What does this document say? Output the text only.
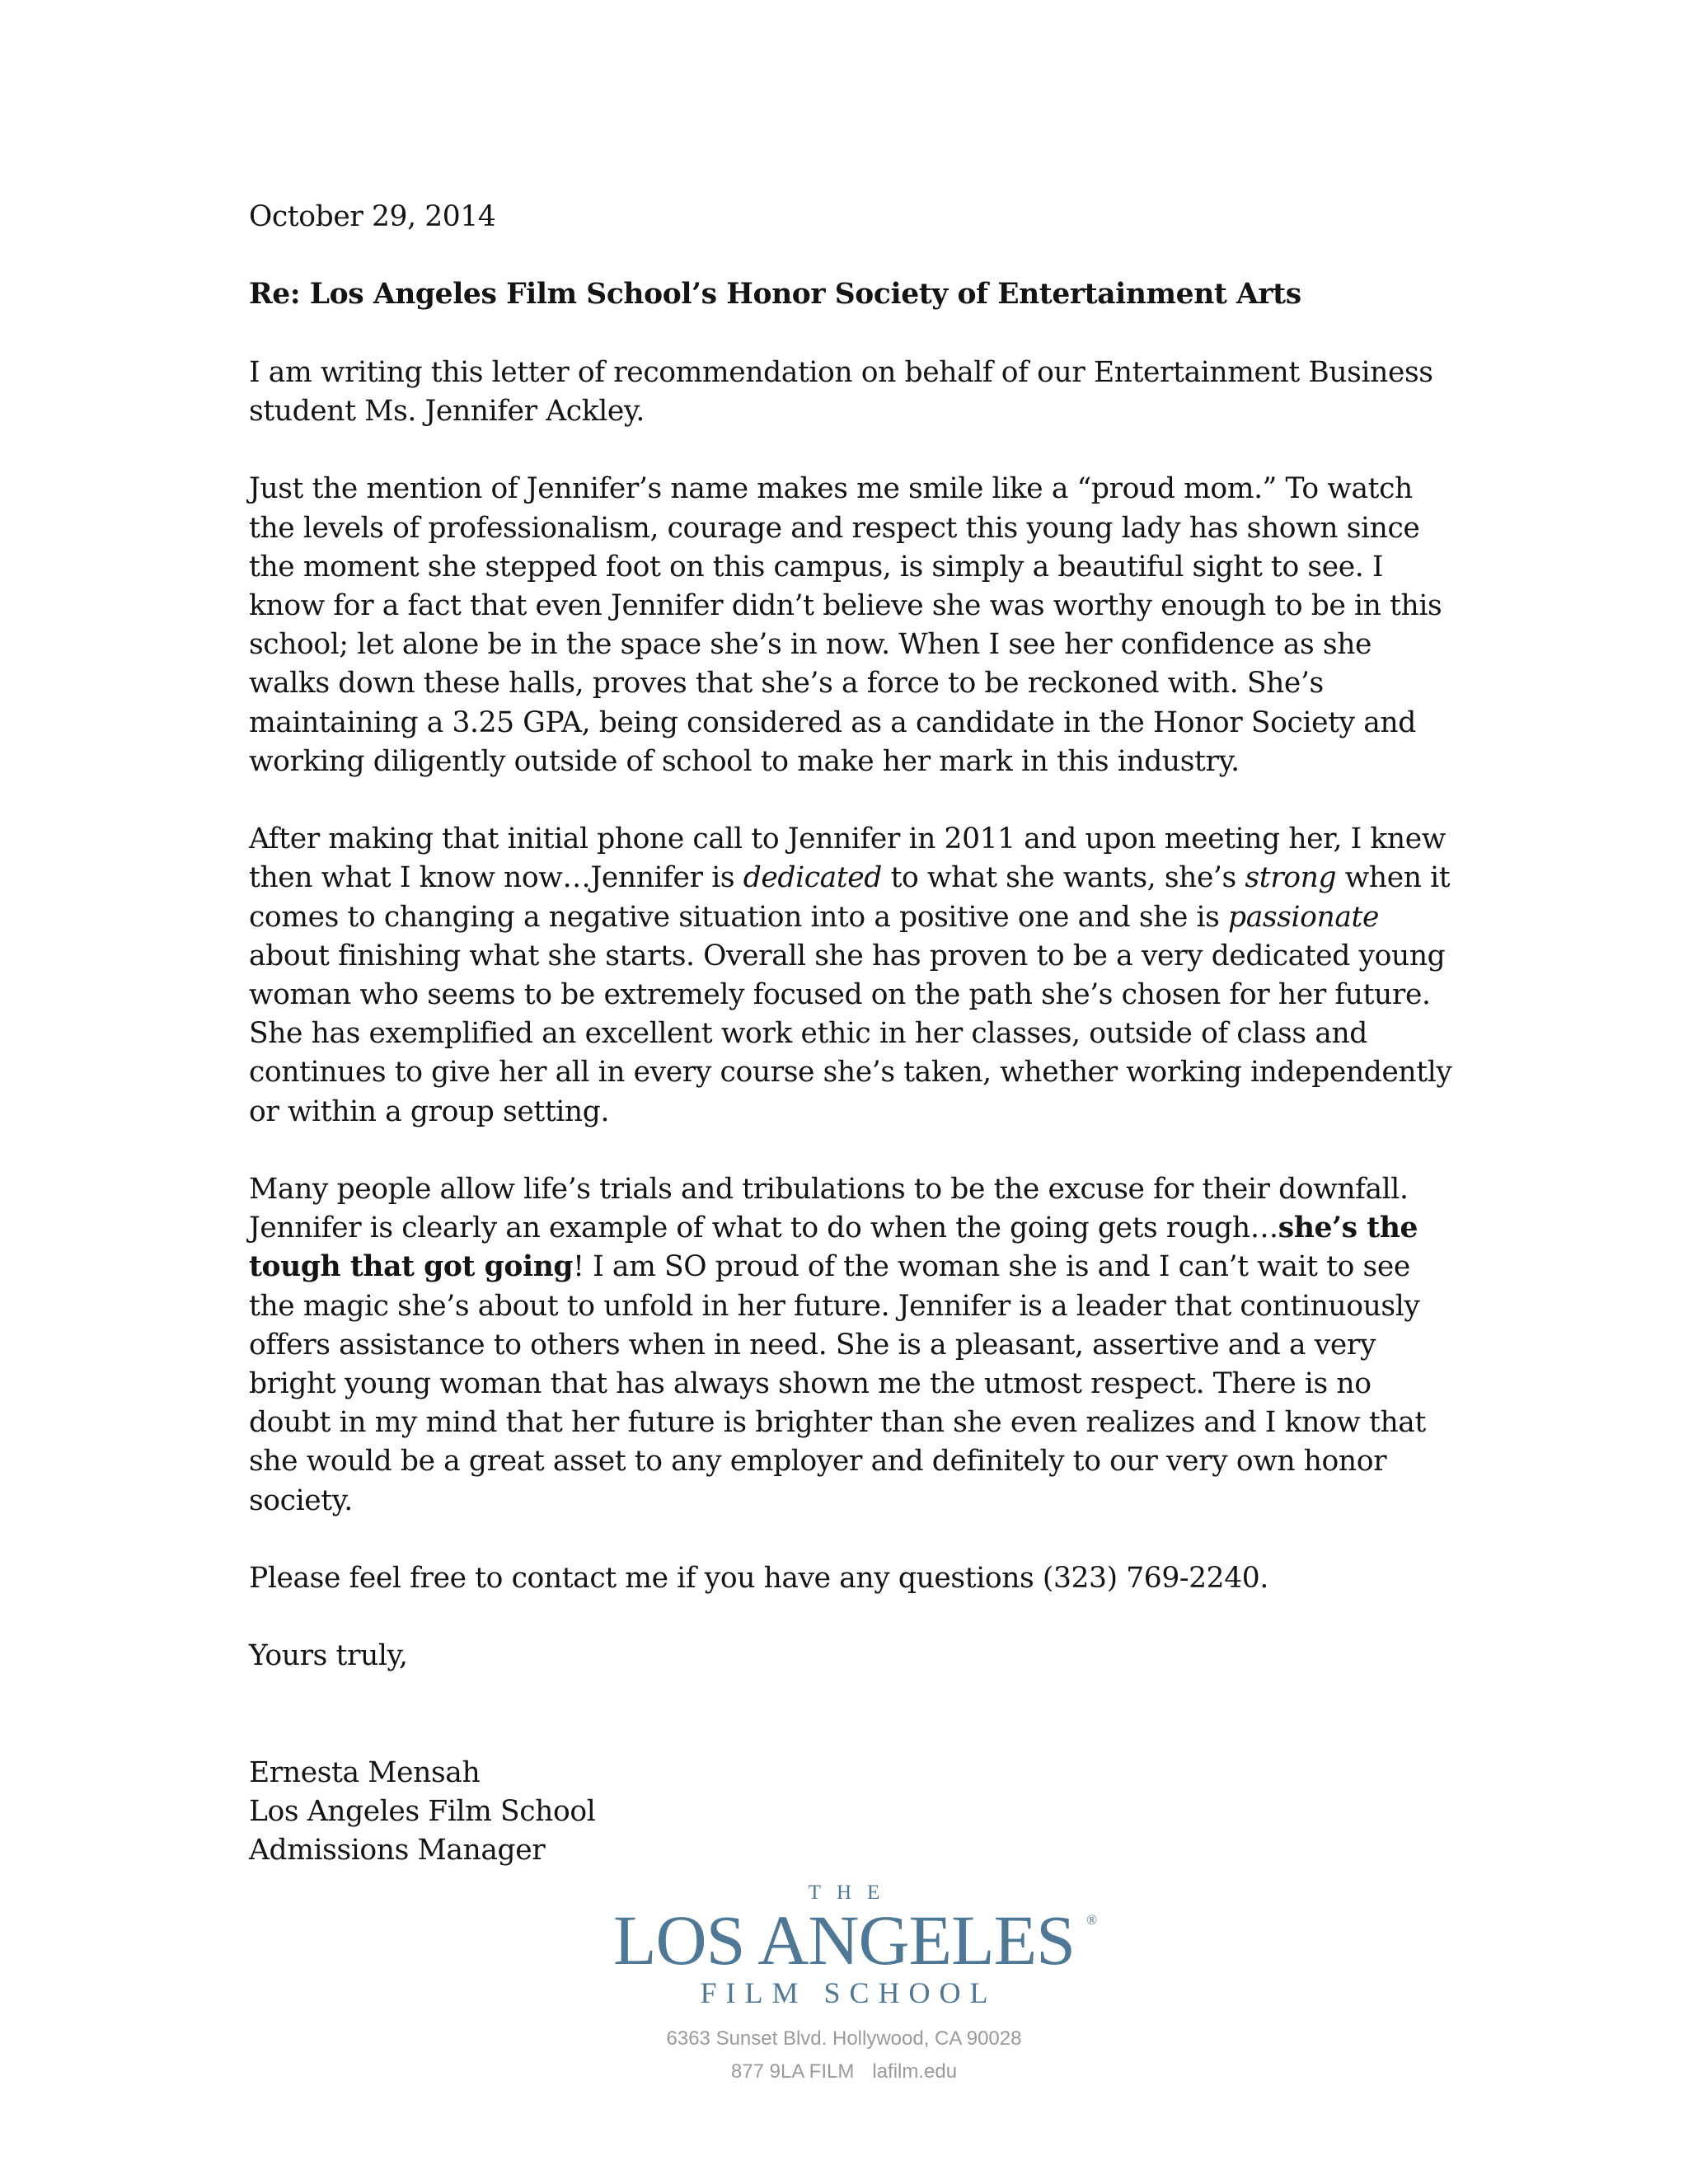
October 29, 2014

Re: Los Angeles Film School’s Honor Society of Entertainment Arts

I am writing this letter of recommendation on behalf of our Entertainment Business student Ms. Jennifer Ackley.

Just the mention of Jennifer’s name makes me smile like a “proud mom.” To watch the levels of professionalism, courage and respect this young lady has shown since the moment she stepped foot on this campus, is simply a beautiful sight to see. I know for a fact that even Jennifer didn’t believe she was worthy enough to be in this school; let alone be in the space she’s in now. When I see her confidence as she walks down these halls, proves that she’s a force to be reckoned with. She’s maintaining a 3.25 GPA, being considered as a candidate in the Honor Society and working diligently outside of school to make her mark in this industry.

After making that initial phone call to Jennifer in 2011 and upon meeting her, I knew then what I know now…Jennifer is dedicated to what she wants, she’s strong when it comes to changing a negative situation into a positive one and she is passionate about finishing what she starts. Overall she has proven to be a very dedicated young woman who seems to be extremely focused on the path she’s chosen for her future. She has exemplified an excellent work ethic in her classes, outside of class and continues to give her all in every course she’s taken, whether working independently or within a group setting.

Many people allow life’s trials and tribulations to be the excuse for their downfall. Jennifer is clearly an example of what to do when the going gets rough…she’s the tough that got going! I am SO proud of the woman she is and I can’t wait to see the magic she’s about to unfold in her future. Jennifer is a leader that continuously offers assistance to others when in need. She is a pleasant, assertive and a very bright young woman that has always shown me the utmost respect. There is no doubt in my mind that her future is brighter than she even realizes and I know that she would be a great asset to any employer and definitely to our very own honor society.

Please feel free to contact me if you have any questions (323) 769-2240.

Yours truly,

Ernesta Mensah
Los Angeles Film School
Admissions Manager
THE
LOS ANGELES ®
FILM SCHOOL
6363 Sunset Blvd. Hollywood, CA 90028
877 9LA FILM lafilm.edu
